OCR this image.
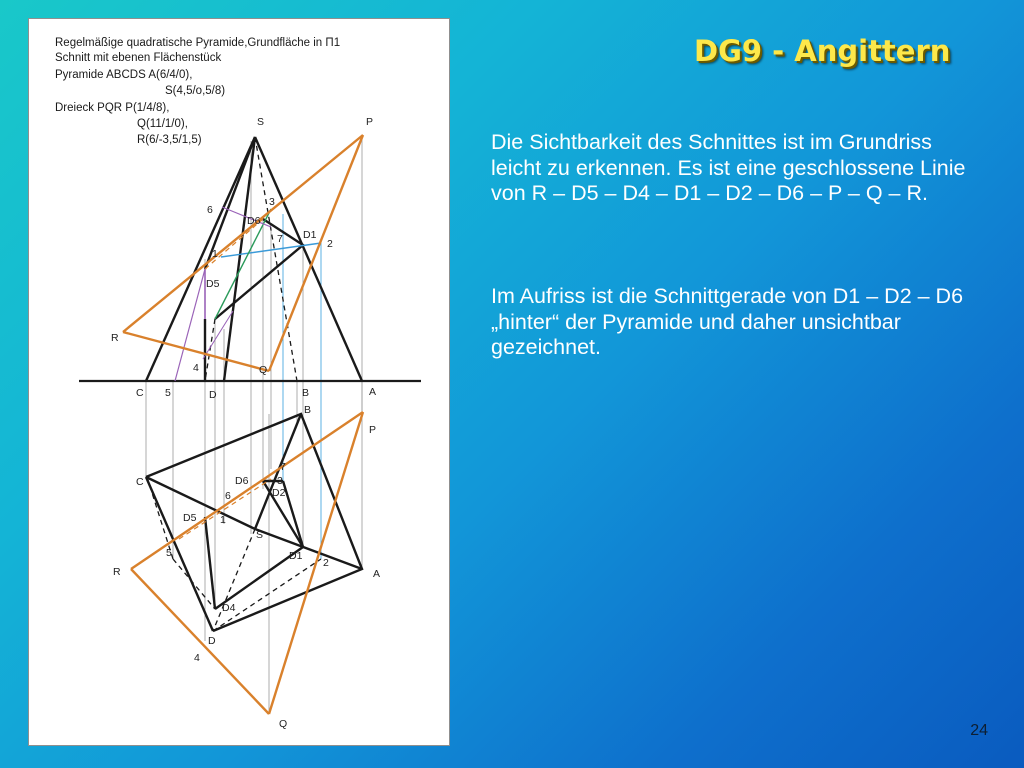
DG9 - Angittern
Regelmäßige quadratische Pyramide,Grundfläche in Π1
Schnitt mit ebenen Flächenstück
Pyramide ABCDS A(6/4/0),
S(4,5/o,5/8)
Dreieck PQR P(1/4/8),
Q(11/1/0),
R(6/-3,5/1,5)
S	P
6
3
D6
D1
7	2
1
D5
R
4	Q
C 5	D	B	A
B
P
7
C	D6	3
6	D2
D5 1
S
5	D1
2
R	A
D4
D
4
Q
Die Sichtbarkeit des Schnittes ist im Grundriss leicht zu erkennen. Es ist eine geschlossene Linie von R – D5 – D4 – D1 – D2 – D6 – P – Q – R.
Im Aufriss ist die Schnittgerade von D1 – D2 – D6 „hinter“ der Pyramide und daher unsichtbar gezeichnet.
24
